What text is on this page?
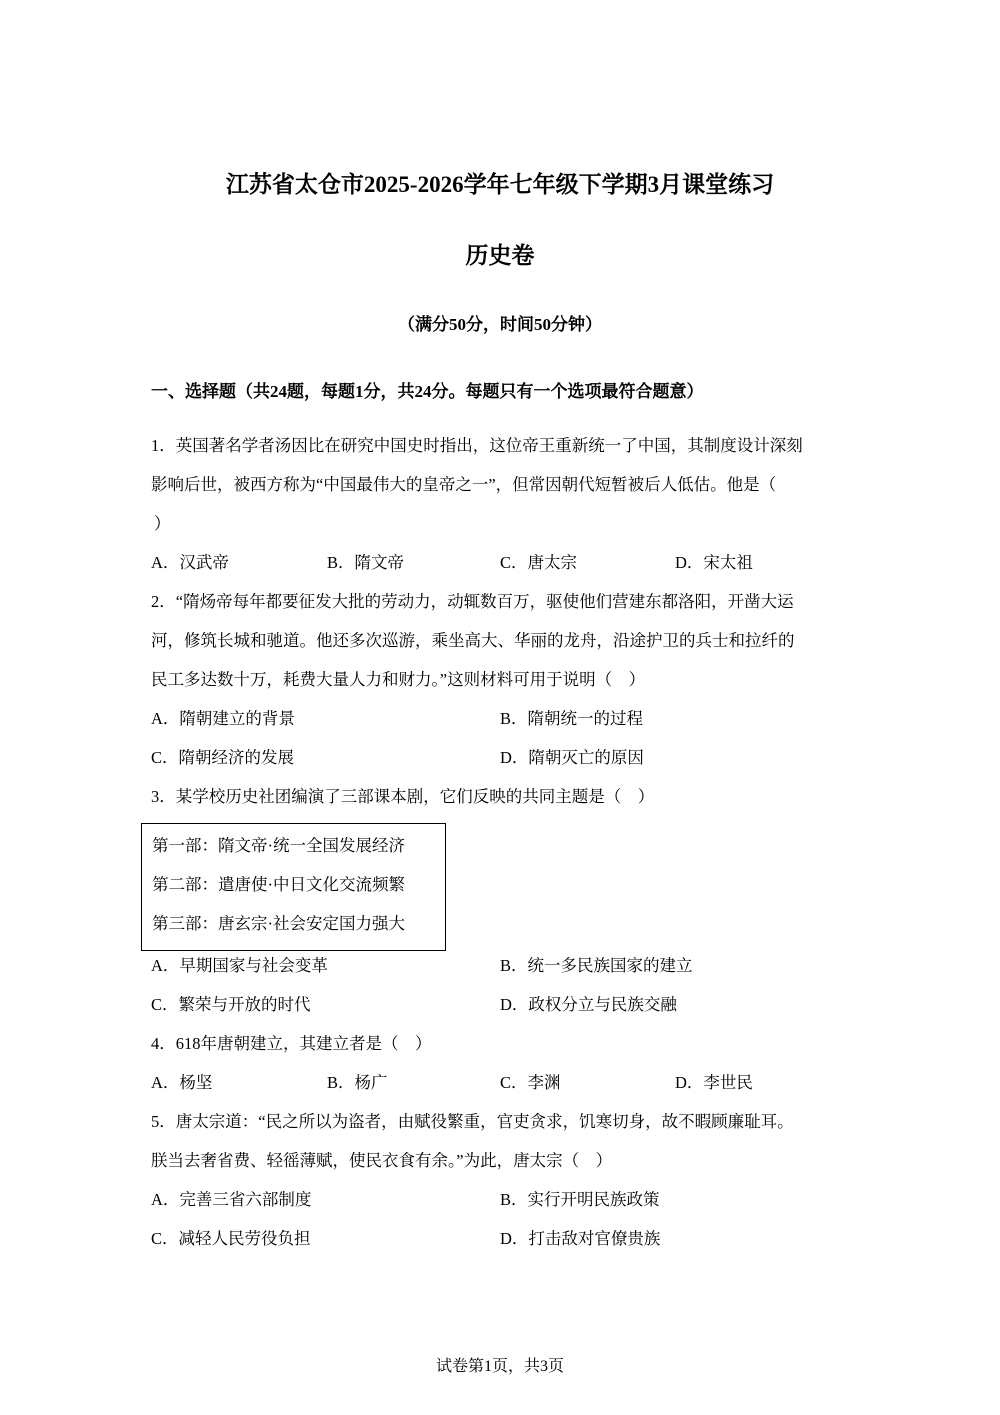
江苏省太仓市2025-2026学年七年级下学期3月课堂练习
历史卷
（满分50分，时间50分钟）
一、选择题（共24题，每题1分，共24分。每题只有一个选项最符合题意）
1．英国著名学者汤因比在研究中国史时指出，这位帝王重新统一了中国，其制度设计深刻
影响后世，被西方称为“中国最伟大的皇帝之一”，但常因朝代短暂被后人低估。他是（
）
A．汉武帝	B．隋文帝	C．唐太宗	D．宋太祖
2．“隋炀帝每年都要征发大批的劳动力，动辄数百万，驱使他们营建东都洛阳，开凿大运
河，修筑长城和驰道。他还多次巡游，乘坐高大、华丽的龙舟，沿途护卫的兵士和拉纤的
民工多达数十万，耗费大量人力和财力。”这则材料可用于说明（　）
A．隋朝建立的背景	B．隋朝统一的过程
C．隋朝经济的发展	D．隋朝灭亡的原因
3．某学校历史社团编演了三部课本剧，它们反映的共同主题是（　）
第一部：隋文帝·统一全国发展经济
第二部：遣唐使·中日文化交流频繁
第三部：唐玄宗·社会安定国力强大
A．早期国家与社会变革	B．统一多民族国家的建立
C．繁荣与开放的时代	D．政权分立与民族交融
4．618年唐朝建立，其建立者是（　）
A．杨坚	B．杨广	C．李渊	D．李世民
5．唐太宗道：“民之所以为盗者，由赋役繁重，官吏贪求，饥寒切身，故不暇顾廉耻耳。
朕当去奢省费、轻徭薄赋，使民衣食有余。”为此，唐太宗（　）
A．完善三省六部制度	B．实行开明民族政策
C．减轻人民劳役负担	D．打击敌对官僚贵族
试卷第1页，共3页
